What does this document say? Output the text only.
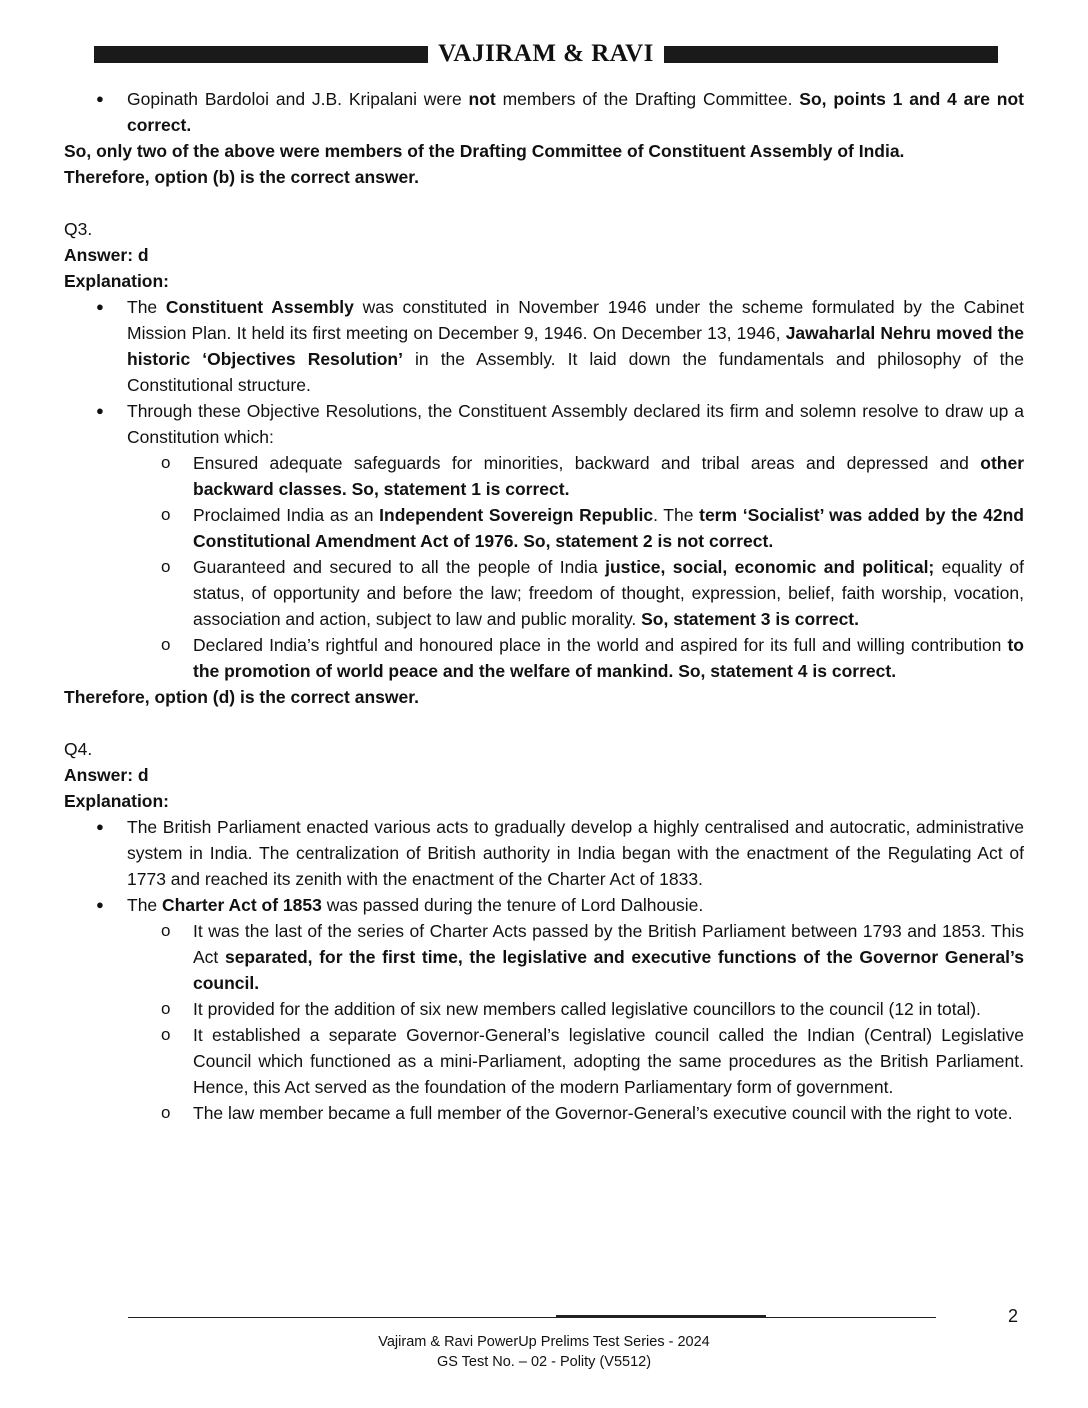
VAJIRAM & RAVI
● Gopinath Bardoloi and J.B. Kripalani were not members of the Drafting Committee. So, points 1 and 4 are not correct.

So, only two of the above were members of the Drafting Committee of Constituent Assembly of India.

Therefore, option (b) is the correct answer.

Q3.

Answer: d

Explanation:

● The Constituent Assembly was constituted in November 1946 under the scheme formulated by the Cabinet Mission Plan. It held its first meeting on December 9, 1946. On December 13, 1946, Jawaharlal Nehru moved the historic ‘Objectives Resolution’ in the Assembly. It laid down the fundamentals and philosophy of the Constitutional structure.
● Through these Objective Resolutions, the Constituent Assembly declared its firm and solemn resolve to draw up a Constitution which:
o Ensured adequate safeguards for minorities, backward and tribal areas and depressed and other backward classes. So, statement 1 is correct.
o Proclaimed India as an Independent Sovereign Republic. The term ‘Socialist’ was added by the 42nd Constitutional Amendment Act of 1976. So, statement 2 is not correct.
o Guaranteed and secured to all the people of India justice, social, economic and political; equality of status, of opportunity and before the law; freedom of thought, expression, belief, faith worship, vocation, association and action, subject to law and public morality. So, statement 3 is correct.
o Declared India’s rightful and honoured place in the world and aspired for its full and willing contribution to the promotion of world peace and the welfare of mankind. So, statement 4 is correct.

Therefore, option (d) is the correct answer.

Q4.

Answer: d

Explanation:

● The British Parliament enacted various acts to gradually develop a highly centralised and autocratic, administrative system in India. The centralization of British authority in India began with the enactment of the Regulating Act of 1773 and reached its zenith with the enactment of the Charter Act of 1833.
● The Charter Act of 1853 was passed during the tenure of Lord Dalhousie.
o It was the last of the series of Charter Acts passed by the British Parliament between 1793 and 1853. This Act separated, for the first time, the legislative and executive functions of the Governor General’s council.
o It provided for the addition of six new members called legislative councillors to the council (12 in total).
o It established a separate Governor-General’s legislative council called the Indian (Central) Legislative Council which functioned as a mini-Parliament, adopting the same procedures as the British Parliament. Hence, this Act served as the foundation of the modern Parliamentary form of government.
o The law member became a full member of the Governor-General’s executive council with the right to vote.
2
Vajiram & Ravi PowerUp Prelims Test Series - 2024
GS Test No. – 02 - Polity (V5512)
